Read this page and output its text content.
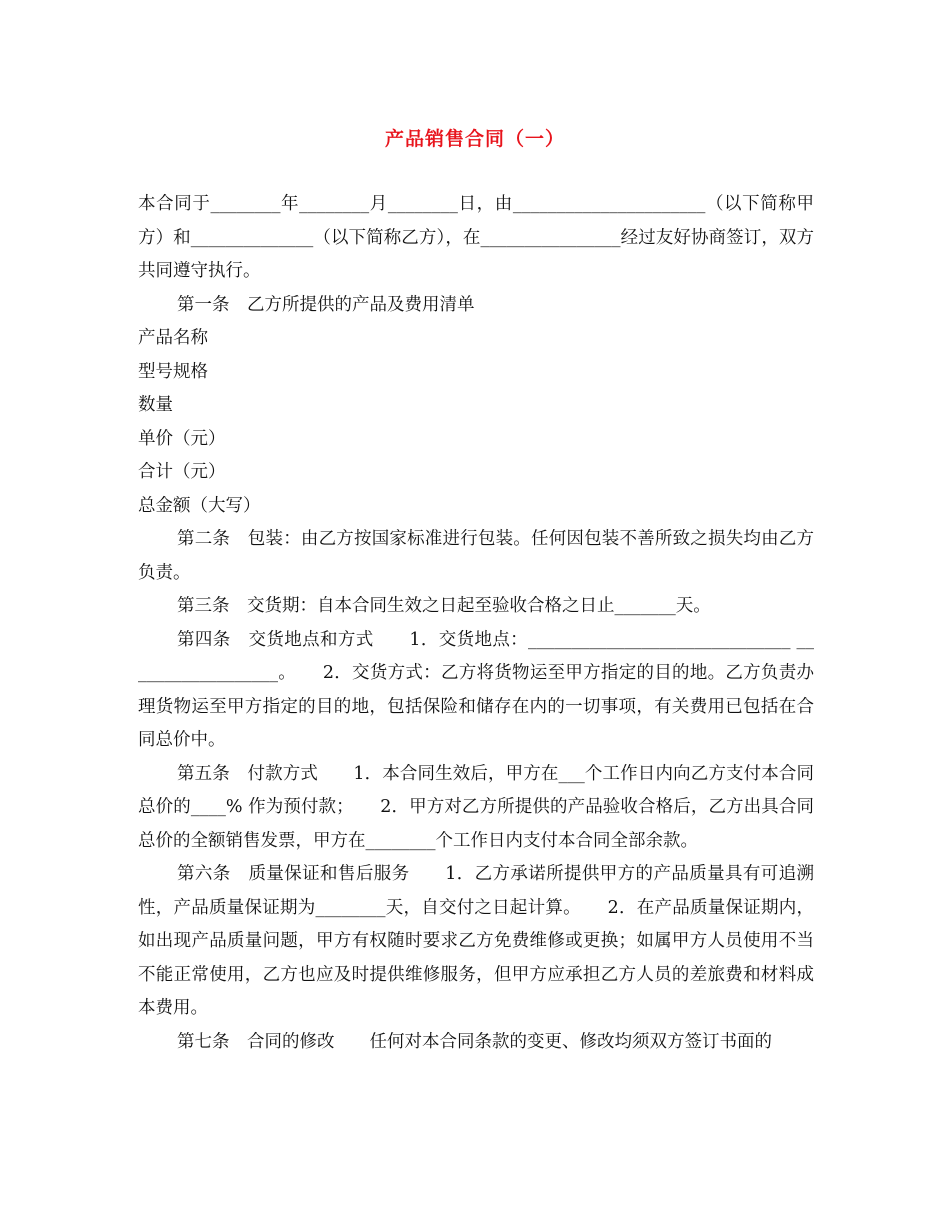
产品销售合同（一）

本合同于________年________月________日，由______________________（以下简称甲方）和______________（以下简称乙方），在________________经过友好协商签订，双方共同遵守执行。

第一条　乙方所提供的产品及费用清单

产品名称

型号规格

数量

单价（元）

合计（元）

总金额（大写）

第二条　包装：由乙方按国家标准进行包装。任何因包装不善所致之损失均由乙方负责。

第三条　交货期：自本合同生效之日起至验收合格之日止_______天。

第四条　交货地点和方式　　1．交货地点：______________________________ __________________。　　2．交货方式：乙方将货物运至甲方指定的目的地。乙方负责办理货物运至甲方指定的目的地，包括保险和储存在内的一切事项，有关费用已包括在合同总价中。

第五条　付款方式　　1．本合同生效后，甲方在___个工作日内向乙方支付本合同总价的____% 作为预付款；　　2．甲方对乙方所提供的产品验收合格后，乙方出具合同总价的全额销售发票，甲方在________个工作日内支付本合同全部余款。

第六条　质量保证和售后服务　　1．乙方承诺所提供甲方的产品质量具有可追溯性，产品质量保证期为________天，自交付之日起计算。　　2．在产品质量保证期内，如出现产品质量问题，甲方有权随时要求乙方免费维修或更换；如属甲方人员使用不当不能正常使用，乙方也应及时提供维修服务，但甲方应承担乙方人员的差旅费和材料成本费用。

第七条　合同的修改　　任何对本合同条款的变更、修改均须双方签订书面的
